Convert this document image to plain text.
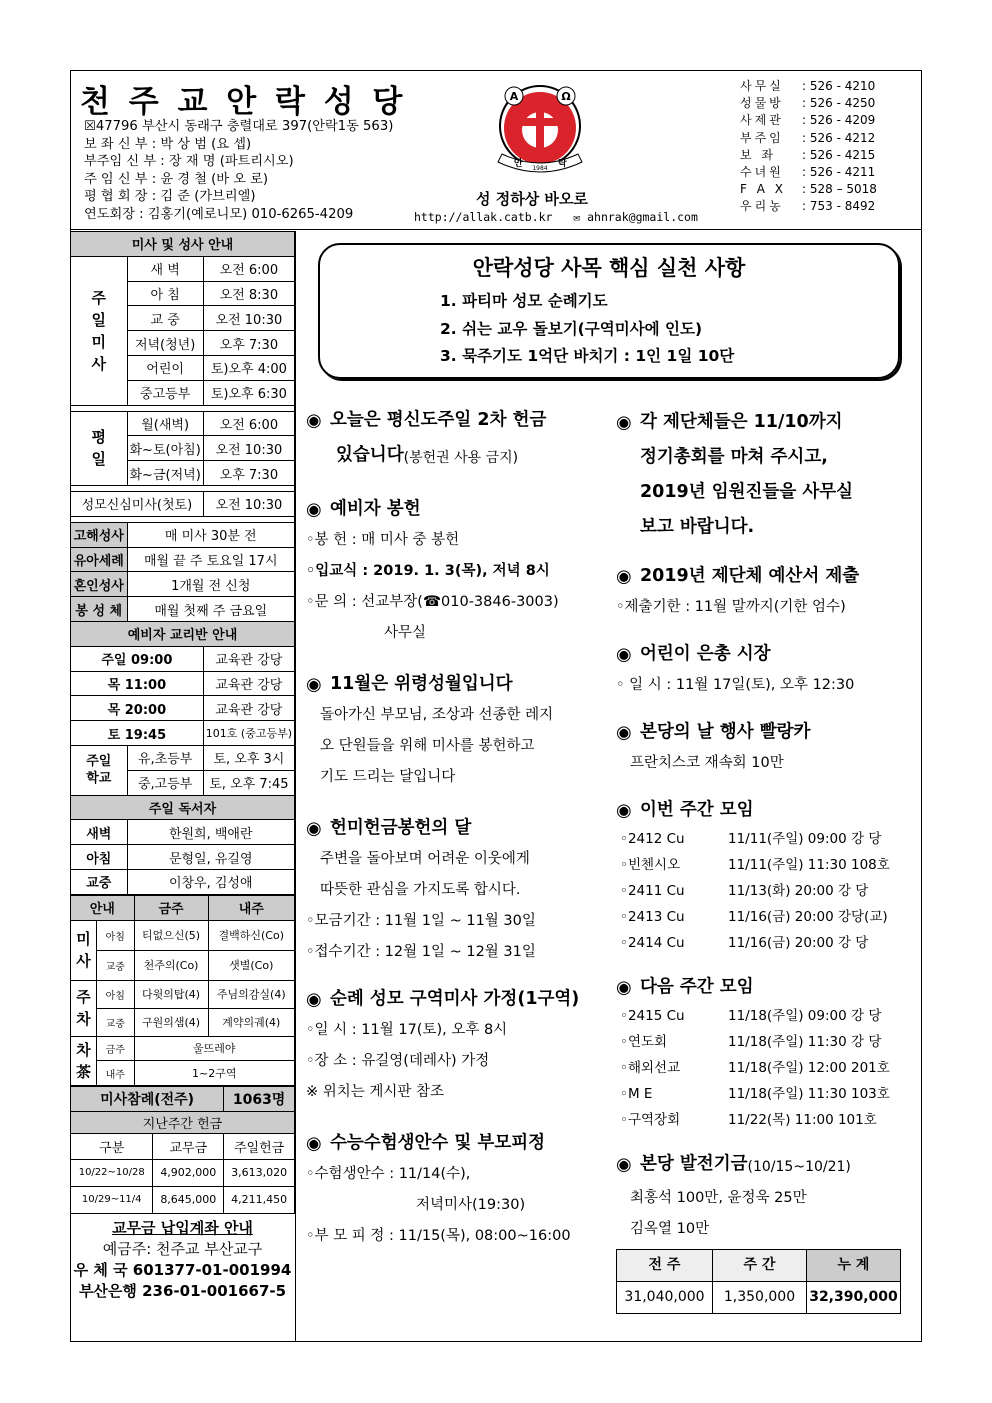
천 주 교 안 락 성 당
☒47796 부산시 동래구 충렬대로 397(안락1동 563)
보 좌 신 부 : 박 상 범 (요 셉)
부주임 신 부 : 장 재 명 (파트리시오)
주 임 신 부 : 윤 경 철 (바 오 로)
평 협 회 장 : 김 준 (가브리엘)
연도회장 : 김홍기(예로니모) 010-6265-4209
A	Ω
안 1984 락
성 정하상 바오로
http://allak.catb.kr ✉ ahnrak@gmail.com
사무실	: 526 - 4210
성물방	: 526 - 4250
사제관	: 526 - 4209
부주임	: 526 - 4212
보 좌	: 526 - 4215
수녀원	: 526 - 4211
F A X	: 528 – 5018
우리농	: 753 - 8492
미사 및 성사 안내		
주
일
미
사	새 벽	오전 6:00
	아 침	오전 8:30
	교 중	오전 10:30
	저녁(청년)	오후 7:30
	어린이	토)오후 4:00
	중고등부	토)오후 6:30

평
일	월(새벽)	오전 6:00
	화~토(아침)	오전 10:30
	화~금(저녁)	오후 7:30

성모신심미사(첫토)		오전 10:30

고해성사	매 미사 30분 전	
유아세례	매월 끝 주 토요일 17시	
혼인성사	1개월 전 신청	
봉 성 체	매월 첫째 주 금요일	
예비자 교리반 안내		
주일 09:00		교육관 강당
목 11:00		교육관 강당
목 20:00		교육관 강당
토 19:45		101호 (중고등부)
주일
학교	유,초등부	토, 오후 3시
	중,고등부	토, 오후 7:45
주일 독서자		
새벽	한원희, 백애란	
아침	문형일, 유길영	
교중	이창우, 김성애	
안내		금주	내주
미
사	아침	티없으신(5)	결백하신(Co)
	교중	천주의(Co)	샛별(Co)
주
차	아침	다윗의탑(4)	주님의감실(4)
	교중	구원의샘(4)	계약의궤(4)
차
茶	금주	울뜨레야	
	내주	1~2구역	
미사참례(전주)		1063명
지난주간 헌금		
구분	교무금	주일헌금
10/22~10/28	4,902,000	3,613,020
10/29~11/4	8,645,000	4,211,450
교무금 납입계좌 안내
예금주: 천주교 부산교구
우 체 국 601377-01-001994
부산은행 236-01-001667-5
안락성당 사목 핵심 실천 사항
1. 파티마 성모 순례기도
2. 쉬는 교우 돌보기(구역미사에 인도)
3. 묵주기도 1억단 바치기 : 1인 1일 10단
◉ 오늘은 평신도주일 2차 헌금
있습니다 (봉헌권 사용 금지)
◉ 예비자 봉헌
◦봉 헌 : 매 미사 중 봉헌
◦입교식 : 2019. 1. 3(목), 저녁 8시
◦문 의 : 선교부장(☎010-3846-3003)
사무실
◉ 11월은 위령성월입니다
돌아가신 부모님, 조상과 선종한 레지
오 단원들을 위해 미사를 봉헌하고
기도 드리는 달입니다
◉ 헌미헌금봉헌의 달
주변을 돌아보며 어려운 이웃에게
따뜻한 관심을 가지도록 합시다.
◦모금기간 : 11월 1일 ~ 11월 30일
◦접수기간 : 12월 1일 ~ 12월 31일
◉ 순례 성모 구역미사 가정(1구역)
◦일 시 : 11월 17(토), 오후 8시
◦장 소 : 유길영(데레사) 가정
※ 위치는 게시판 참조
◉ 수능수험생안수 및 부모피정
◦수험생안수 : 11/14(수),
저녁미사(19:30)
◦부 모 피 정 : 11/15(목), 08:00~16:00
◉ 각 제단체들은 11/10까지
정기총회를 마쳐 주시고,
2019년 임원진들을 사무실
보고 바랍니다.
◉ 2019년 제단체 예산서 제출
◦제출기한 : 11월 말까지(기한 엄수)
◉ 어린이 은총 시장
◦ 일 시 : 11월 17일(토), 오후 12:30
◉ 본당의 날 행사 빨랑카
프란치스코 재속회 10만
◉ 이번 주간 모임
◦2412 Cu	11/11(주일) 09:00 강 당
◦빈첸시오	11/11(주일) 11:30 108호
◦2411 Cu	11/13(화) 20:00 강 당
◦2413 Cu	11/16(금) 20:00 강당(교)
◦2414 Cu	11/16(금) 20:00 강 당
◉ 다음 주간 모임
◦2415 Cu	11/18(주일) 09:00 강 당
◦연도회	11/18(주일) 11:30 강 당
◦해외선교	11/18(주일) 12:00 201호
◦M E	11/18(주일) 11:30 103호
◦구역장회	11/22(목) 11:00 101호
◉ 본당 발전기금 (10/15~10/21)
최홍석 100만, 윤정욱 25만
김옥열 10만
전 주	주 간	누 계
31,040,000	1,350,000	32,390,000
